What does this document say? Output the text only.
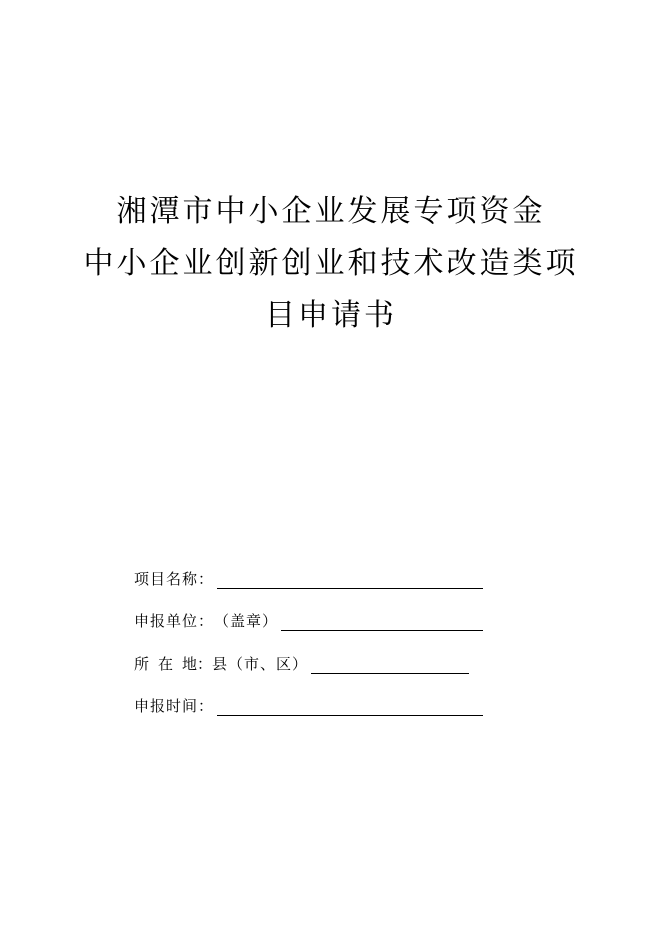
湘潭市中小企业发展专项资金
中小企业创新创业和技术改造类项
目申请书
项目名称：
申报单位： （盖章）
所 在 地： 县（市、区）
申报时间：
